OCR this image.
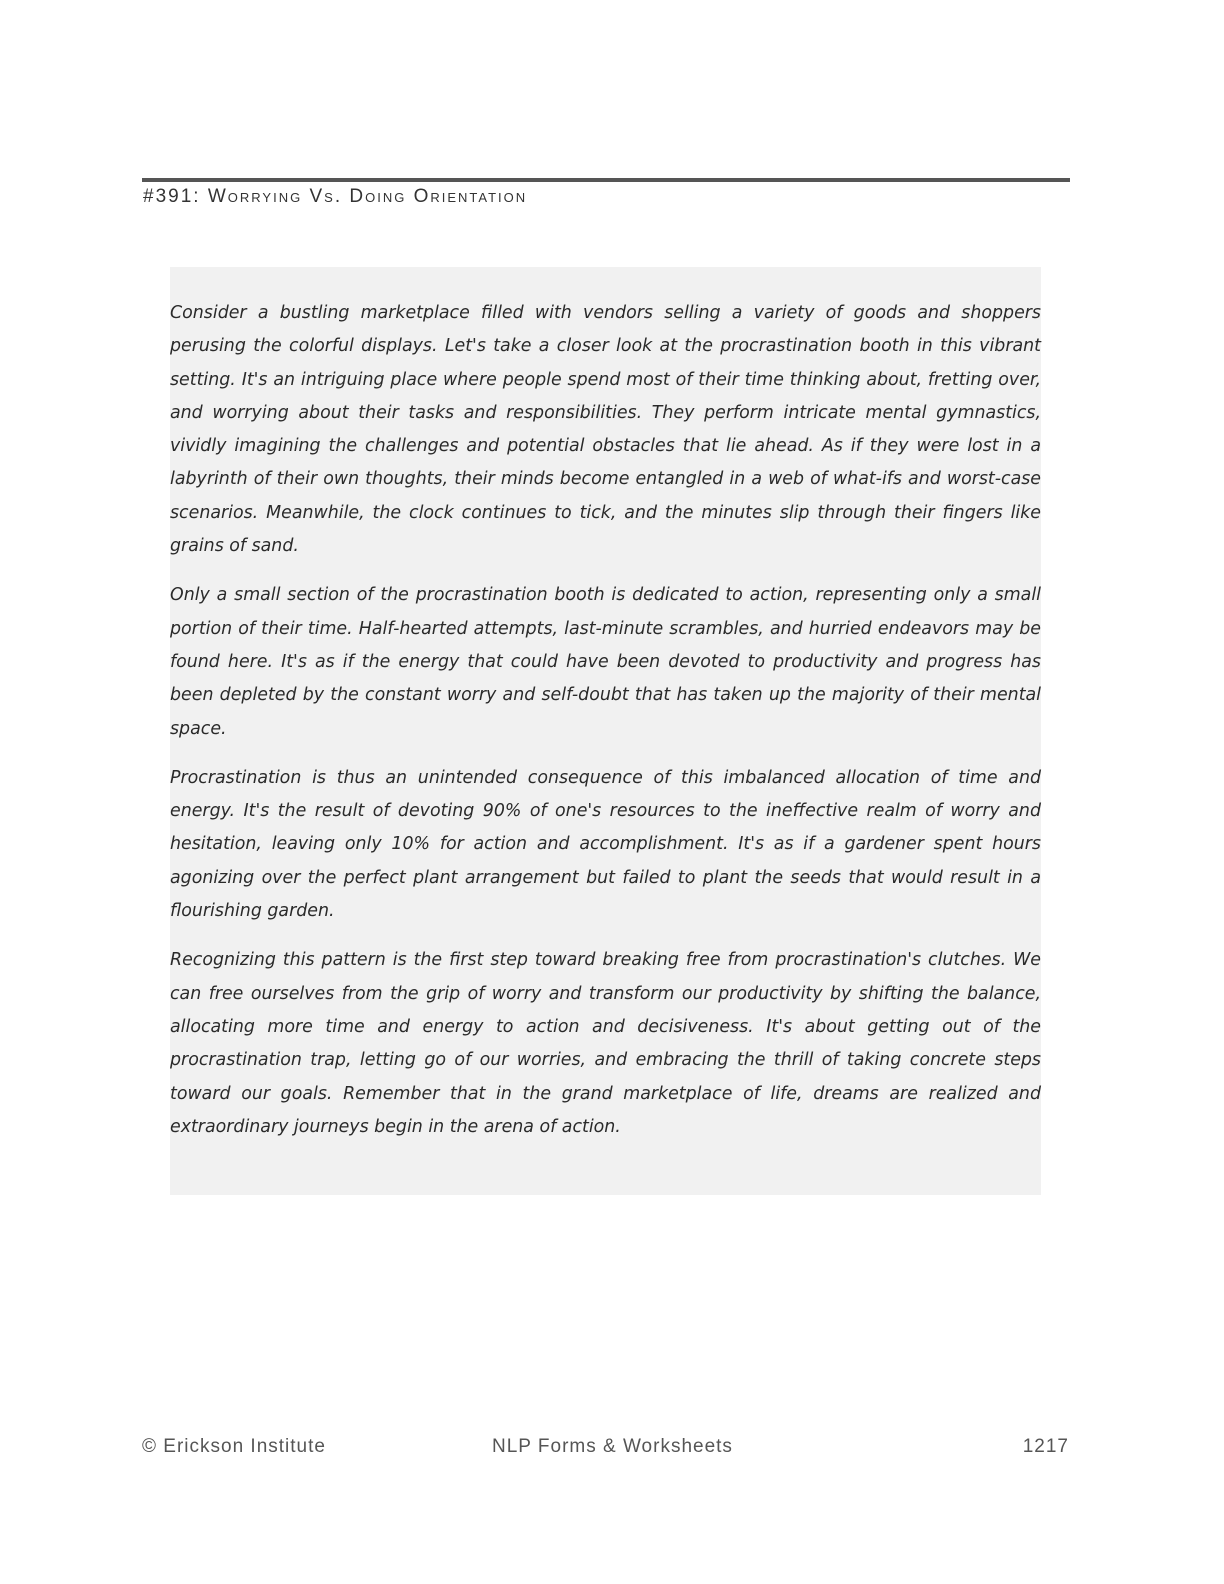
#391: Worrying Vs. Doing Orientation

Consider a bustling marketplace filled with vendors selling a variety of goods and shoppers perusing the colorful displays. Let's take a closer look at the procrastination booth in this vibrant setting. It's an intriguing place where people spend most of their time thinking about, fretting over, and worrying about their tasks and responsibilities. They perform intricate mental gymnastics, vividly imagining the challenges and potential obstacles that lie ahead. As if they were lost in a labyrinth of their own thoughts, their minds become entangled in a web of what-ifs and worst-case scenarios. Meanwhile, the clock continues to tick, and the minutes slip through their fingers like grains of sand.

Only a small section of the procrastination booth is dedicated to action, representing only a small portion of their time. Half-hearted attempts, last-minute scrambles, and hurried endeavors may be found here. It's as if the energy that could have been devoted to productivity and progress has been depleted by the constant worry and self-doubt that has taken up the majority of their mental space.

Procrastination is thus an unintended consequence of this imbalanced allocation of time and energy. It's the result of devoting 90% of one's resources to the ineffective realm of worry and hesitation, leaving only 10% for action and accomplishment. It's as if a gardener spent hours agonizing over the perfect plant arrangement but failed to plant the seeds that would result in a flourishing garden.

Recognizing this pattern is the first step toward breaking free from procrastination's clutches. We can free ourselves from the grip of worry and transform our productivity by shifting the balance, allocating more time and energy to action and decisiveness. It's about getting out of the procrastination trap, letting go of our worries, and embracing the thrill of taking concrete steps toward our goals. Remember that in the grand marketplace of life, dreams are realized and extraordinary journeys begin in the arena of action.

© Erickson Institute	NLP Forms & Worksheets	1217
